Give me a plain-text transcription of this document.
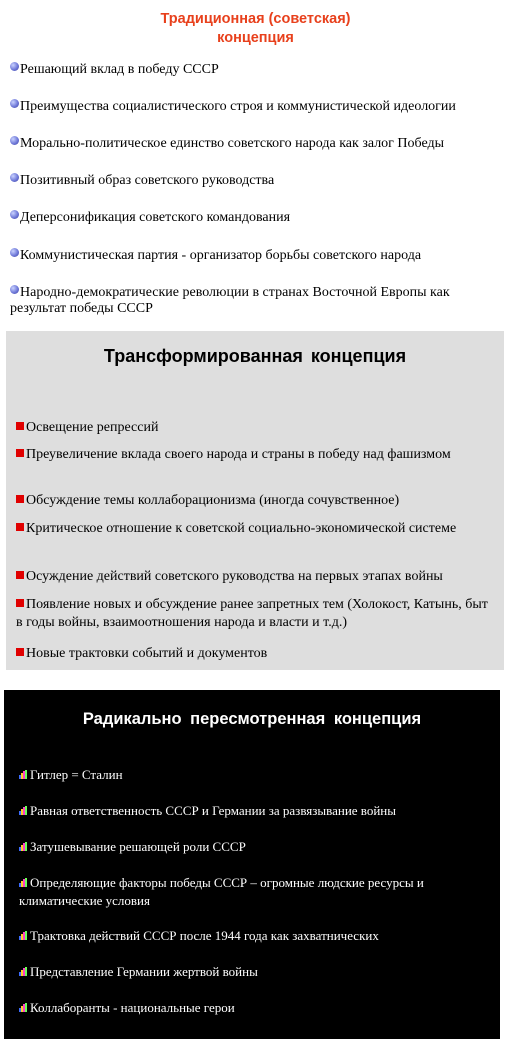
Традиционная (советская)
концепция
Решающий вклад в победу СССР
Преимущества социалистического строя и коммунистической идеологии
Морально-политическое единство советского народа как залог Победы
Позитивный образ советского руководства
Деперсонификация советского командования
Коммунистическая партия - организатор борьбы советского народа
Народно-демократические революции в странах Восточной Европы как результат победы СССР
Трансформированная концепция
Освещение репрессий
Преувеличение вклада своего народа и страны в победу над фашизмом
Обсуждение темы коллаборационизма (иногда сочувственное)
Критическое отношение к советской социально-экономической системе
Осуждение действий советского руководства на первых этапах войны
Появление новых и обсуждение ранее запретных тем (Холокост, Катынь, быт в годы войны, взаимоотношения народа и власти и т.д.)
Новые трактовки событий и документов
Радикально пересмотренная концепция
Гитлер = Сталин
Равная ответственность СССР и Германии за развязывание войны
Затушевывание решающей роли СССР
Определяющие факторы победы СССР – огромные людские ресурсы и климатические условия
Трактовка действий СССР после 1944 года как захватнических
Представление Германии жертвой войны
Коллаборанты - национальные герои
